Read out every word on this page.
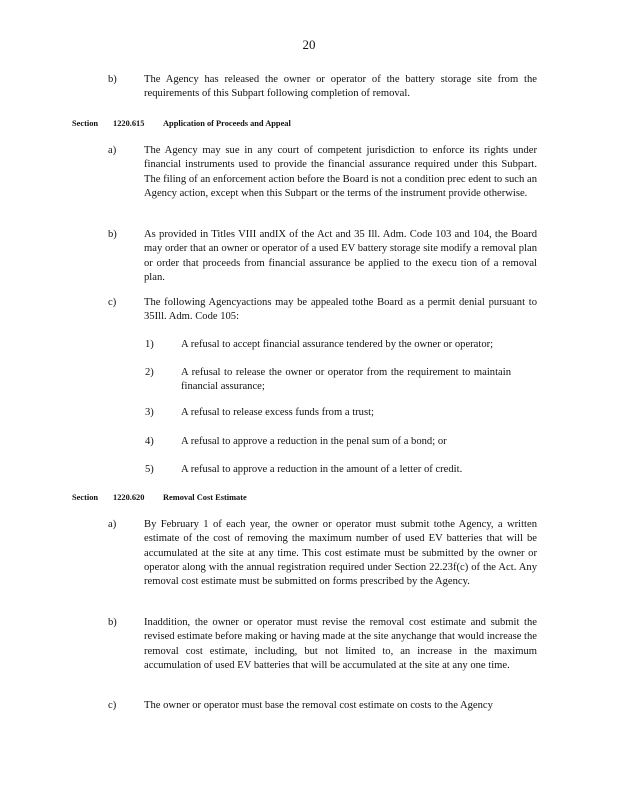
20
b)	The Agency has released the owner or operator of the battery storage site from the requirements of this Subpart following completion of removal.
Section 1220.615 Application of Proceeds and Appeal
a)	The Agency may sue in any court of competent jurisdiction to enforce its rights under financial instruments used to provide the financial assurance required under this Subpart. The filing of an enforcement action before the Board is not a condition prec edent to such an Agency action, except when this Subpart or the terms of the instrument provide otherwise.
b)	As provided in Titles VIII andIX of the Act and 35 Ill. Adm. Code 103 and 104, the Board may order that an owner or operator of a used EV battery storage site modify a removal plan or order that proceeds from financial assurance be applied to the execu tion of a removal plan.
c)	The following Agencyactions may be appealed tothe Board as a permit denial pursuant to 35Ill. Adm. Code 105:
1)	A refusal to accept financial assurance tendered by the owner or operator;
2)	A refusal to release the owner or operator from the requirement to maintain financial assurance;
3)	A refusal to release excess funds from a trust;
4)	A refusal to approve a reduction in the penal sum of a bond; or
5)	A refusal to approve a reduction in the amount of a letter of credit.
Section 1220.620 Removal Cost Estimate
a)	By February 1 of each year, the owner or operator must submit tothe Agency, a written estimate of the cost of removing the maximum number of used EV batteries that will be accumulated at the site at any time. This cost estimate must be submitted by the owner or operator along with the annual registration required under Section 22.23f(c) of the Act. Any removal cost estimate must be submitted on forms prescribed by the Agency.
b)	Inaddition, the owner or operator must revise the removal cost estimate and submit the revised estimate before making or having made at the site anychange that would increase the removal cost estimate, including, but not limited to, an increase in the maximum accumulation of used EV batteries that will be accumulated at the site at any one time.
c)	The owner or operator must base the removal cost estimate on costs to the Agency
